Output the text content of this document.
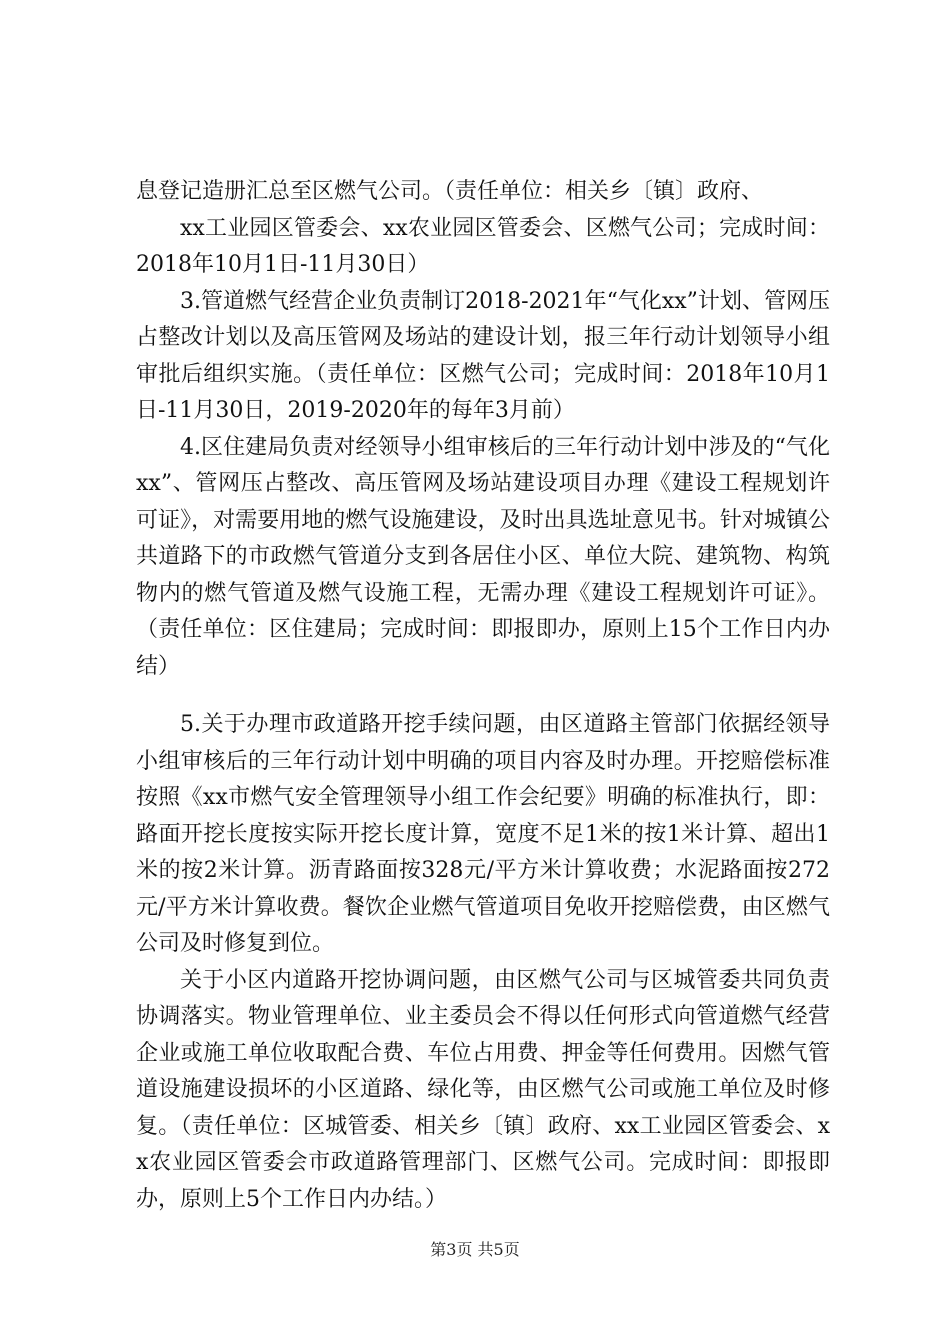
息登记造册汇总至区燃气公司。（责任单位：相关乡〔镇〕政府、

xx工业园区管委会、xx农业园区管委会、区燃气公司；完成时间：2018年10月1日-11月30日）

3.管道燃气经营企业负责制订2018-2021年“气化xx”计划、管网压占整改计划以及高压管网及场站的建设计划，报三年行动计划领导小组审批后组织实施。（责任单位：区燃气公司；完成时间：2018年10月1日-11月30日，2019-2020年的每年3月前）

4.区住建局负责对经领导小组审核后的三年行动计划中涉及的“气化xx”、管网压占整改、高压管网及场站建设项目办理《建设工程规划许可证》，对需要用地的燃气设施建设，及时出具选址意见书。针对城镇公共道路下的市政燃气管道分支到各居住小区、单位大院、建筑物、构筑物内的燃气管道及燃气设施工程，无需办理《建设工程规划许可证》。（责任单位：区住建局；完成时间：即报即办，原则上15个工作日内办结）

5.关于办理市政道路开挖手续问题，由区道路主管部门依据经领导小组审核后的三年行动计划中明确的项目内容及时办理。开挖赔偿标准按照《xx市燃气安全管理领导小组工作会纪要》明确的标准执行，即：路面开挖长度按实际开挖长度计算，宽度不足1米的按1米计算、超出1米的按2米计算。沥青路面按328元/平方米计算收费；水泥路面按272元/平方米计算收费。餐饮企业燃气管道项目免收开挖赔偿费，由区燃气公司及时修复到位。

关于小区内道路开挖协调问题，由区燃气公司与区城管委共同负责协调落实。物业管理单位、业主委员会不得以任何形式向管道燃气经营企业或施工单位收取配合费、车位占用费、押金等任何费用。因燃气管道设施建设损坏的小区道路、绿化等，由区燃气公司或施工单位及时修复。（责任单位：区城管委、相关乡〔镇〕政府、xx工业园区管委会、xx农业园区管委会市政道路管理部门、区燃气公司。完成时间：即报即办，原则上5个工作日内办结。）

第3页 共5页
